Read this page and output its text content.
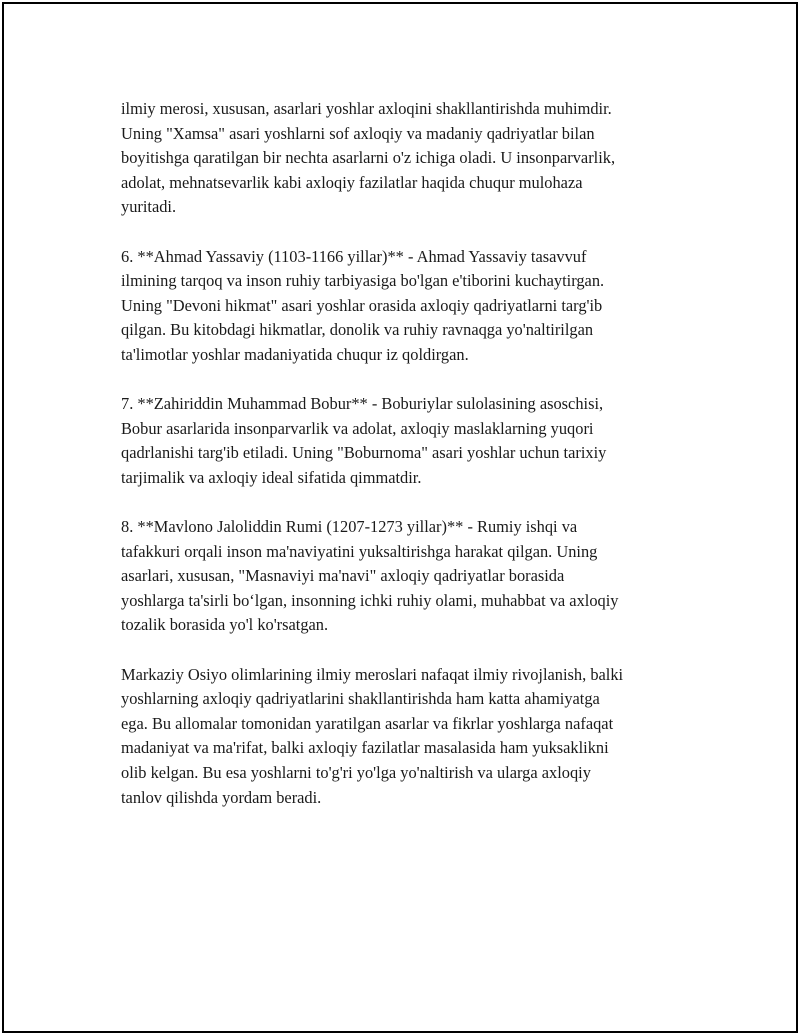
ilmiy merosi, xususan, asarlari yoshlar axloqini shakllantirishda muhimdir.
Uning "Xamsa" asari yoshlarni sof axloqiy va madaniy qadriyatlar bilan
boyitishga qaratilgan bir nechta asarlarni o'z ichiga oladi. U insonparvarlik,
adolat, mehnatsevarlik kabi axloqiy fazilatlar haqida chuqur mulohaza
yuritadi.

6. **Ahmad Yassaviy (1103-1166 yillar)** - Ahmad Yassaviy tasavvuf
ilmining tarqoq va inson ruhiy tarbiyasiga bo'lgan e'tiborini kuchaytirgan.
Uning "Devoni hikmat" asari yoshlar orasida axloqiy qadriyatlarni targ'ib
qilgan. Bu kitobdagi hikmatlar, donolik va ruhiy ravnaqga yo'naltirilgan
ta'limotlar yoshlar madaniyatida chuqur iz qoldirgan.

7. **Zahiriddin Muhammad Bobur** - Boburiylar sulolasining asoschisi,
Bobur asarlarida insonparvarlik va adolat, axloqiy maslaklarning yuqori
qadrlanishi targ'ib etiladi. Uning "Boburnoma" asari yoshlar uchun tarixiy
tarjimalik va axloqiy ideal sifatida qimmatdir.

8. **Mavlono Jaloliddin Rumi (1207-1273 yillar)** - Rumiy ishqi va
tafakkuri orqali inson ma'naviyatini yuksaltirishga harakat qilgan. Uning
asarlari, xususan, "Masnaviyi ma'navi" axloqiy qadriyatlar borasida
yoshlarga ta'sirli bo‘lgan, insonning ichki ruhiy olami, muhabbat va axloqiy
tozalik borasida yo'l ko'rsatgan.

Markaziy Osiyo olimlarining ilmiy meroslari nafaqat ilmiy rivojlanish, balki
yoshlarning axloqiy qadriyatlarini shakllantirishda ham katta ahamiyatga
ega. Bu allomalar tomonidan yaratilgan asarlar va fikrlar yoshlarga nafaqat
madaniyat va ma'rifat, balki axloqiy fazilatlar masalasida ham yuksaklikni
olib kelgan. Bu esa yoshlarni to'g'ri yo'lga yo'naltirish va ularga axloqiy
tanlov qilishda yordam beradi.
